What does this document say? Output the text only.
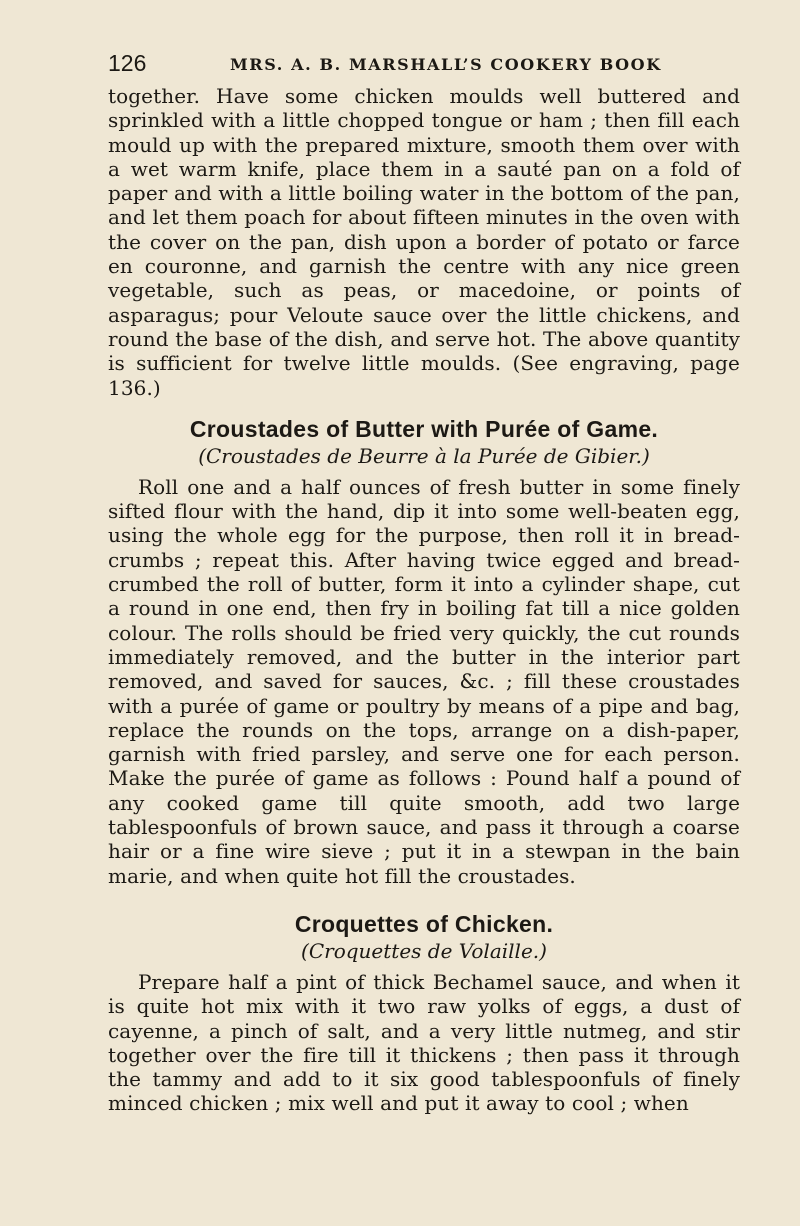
126	MRS. A. B. MARSHALL’S COOKERY BOOK

together. Have some chicken moulds well buttered and sprinkled with a little chopped tongue or ham ; then fill each mould up with the prepared mixture, smooth them over with a wet warm knife, place them in a sauté pan on a fold of paper and with a little boiling water in the bottom of the pan, and let them poach for about fifteen minutes in the oven with the cover on the pan, dish upon a border of potato or farce en couronne, and garnish the centre with any nice green vegetable, such as peas, or macedoine, or points of asparagus; pour Veloute sauce over the little chickens, and round the base of the dish, and serve hot. The above quantity is sufficient for twelve little moulds. (See engraving, page 136.)

Croustades of Butter with Purée of Game.
(Croustades de Beurre à la Purée de Gibier.)

Roll one and a half ounces of fresh butter in some finely sifted flour with the hand, dip it into some well-beaten egg, using the whole egg for the purpose, then roll it in bread-crumbs ; repeat this. After having twice egged and bread-crumbed the roll of butter, form it into a cylinder shape, cut a round in one end, then fry in boiling fat till a nice golden colour. The rolls should be fried very quickly, the cut rounds immediately removed, and the butter in the interior part removed, and saved for sauces, &c. ; fill these croustades with a purée of game or poultry by means of a pipe and bag, replace the rounds on the tops, arrange on a dish-paper, garnish with fried parsley, and serve one for each person. Make the purée of game as follows : Pound half a pound of any cooked game till quite smooth, add two large tablespoonfuls of brown sauce, and pass it through a coarse hair or a fine wire sieve ; put it in a stewpan in the bain marie, and when quite hot fill the croustades.

Croquettes of Chicken.
(Croquettes de Volaille.)

Prepare half a pint of thick Bechamel sauce, and when it is quite hot mix with it two raw yolks of eggs, a dust of cayenne, a pinch of salt, and a very little nutmeg, and stir together over the fire till it thickens ; then pass it through the tammy and add to it six good tablespoonfuls of finely minced chicken ; mix well and put it away to cool ; when
